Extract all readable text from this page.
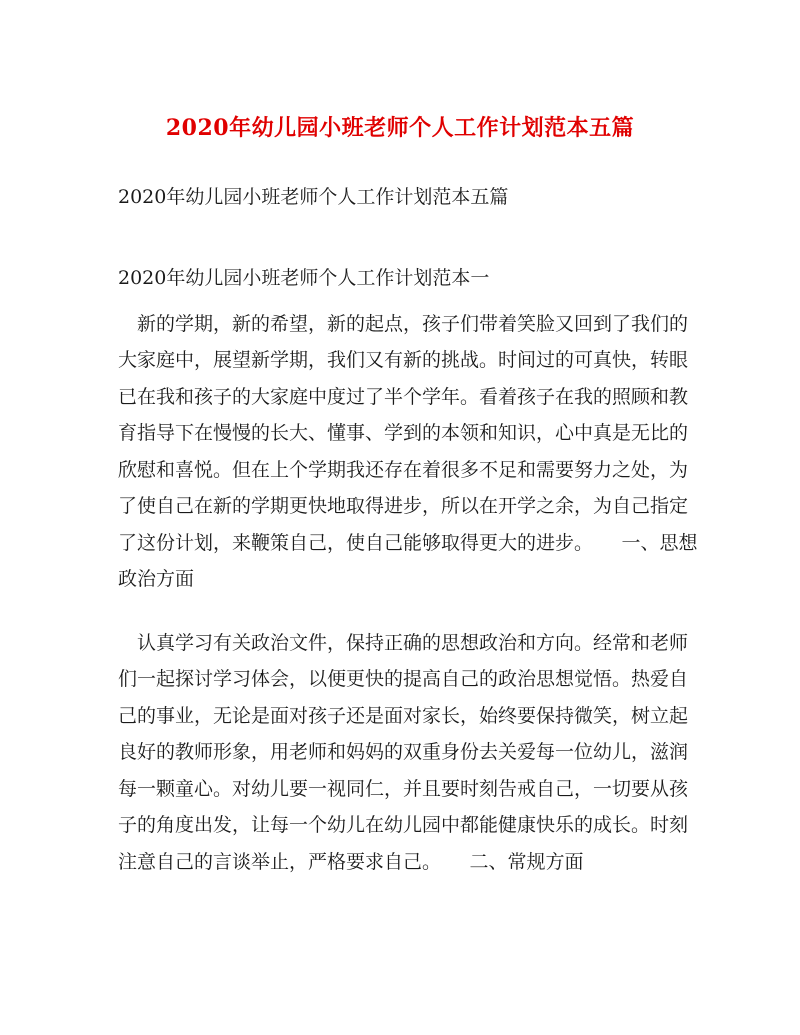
2020年幼儿园小班老师个人工作计划范本五篇
2020年幼儿园小班老师个人工作计划范本五篇
2020年幼儿园小班老师个人工作计划范本一
　新的学期，新的希望，新的起点，孩子们带着笑脸又回到了我们的
大家庭中，展望新学期，我们又有新的挑战。时间过的可真快，转眼
已在我和孩子的大家庭中度过了半个学年。看着孩子在我的照顾和教
育指导下在慢慢的长大、懂事、学到的本领和知识，心中真是无比的
欣慰和喜悦。但在上个学期我还存在着很多不足和需要努力之处，为
了使自己在新的学期更快地取得进步，所以在开学之余，为自己指定
了这份计划，来鞭策自己，使自己能够取得更大的进步。　　一、思想
政治方面
　认真学习有关政治文件，保持正确的思想政治和方向。经常和老师
们一起探讨学习体会，以便更快的提高自己的政治思想觉悟。热爱自
己的事业，无论是面对孩子还是面对家长，始终要保持微笑，树立起
良好的教师形象，用老师和妈妈的双重身份去关爱每一位幼儿，滋润
每一颗童心。对幼儿要一视同仁，并且要时刻告戒自己，一切要从孩
子的角度出发，让每一个幼儿在幼儿园中都能健康快乐的成长。时刻
注意自己的言谈举止，严格要求自己。　　二、常规方面
